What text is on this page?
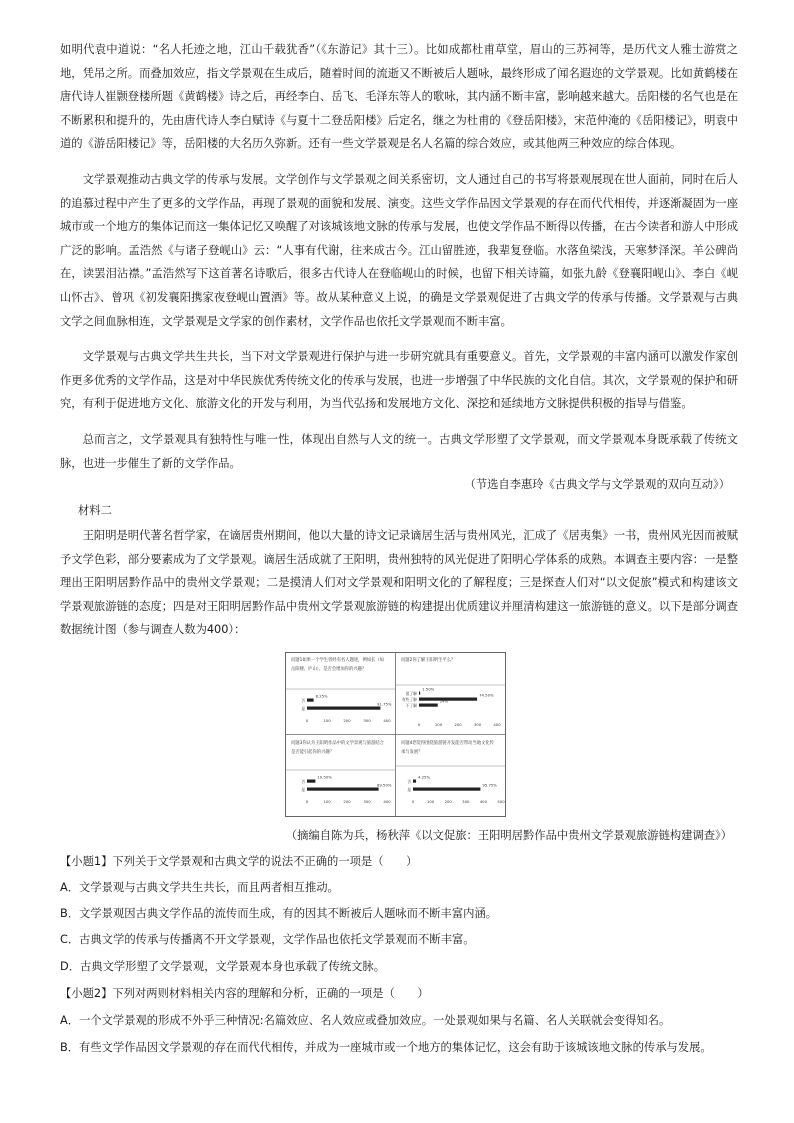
如明代袁中道说：“名人托迹之地，江山千载犹香”（《东游记》其十三）。比如成都杜甫草堂，眉山的三苏祠等，是历代文人雅士游赏之地，凭吊之所。而叠加效应，指文学景观在生成后，随着时间的流逝又不断被后人题咏，最终形成了闻名遐迩的文学景观。比如黄鹤楼在唐代诗人崔颢登楼所题《黄鹤楼》诗之后，再经李白、岳飞、毛泽东等人的歌咏，其内涵不断丰富，影响越来越大。岳阳楼的名气也是在不断累积和提升的，先由唐代诗人李白赋诗《与夏十二登岳阳楼》后定名，继之为杜甫的《登岳阳楼》，宋范仲淹的《岳阳楼记》，明袁中道的《游岳阳楼记》等，岳阳楼的大名历久弥新。还有一些文学景观是名人名篇的综合效应，或其他两三种效应的综合体现。

文学景观推动古典文学的传承与发展。文学创作与文学景观之间关系密切，文人通过自己的书写将景观展现在世人面前，同时在后人的追慕过程中产生了更多的文学作品，再现了景观的面貌和发展、演变。这些文学作品因文学景观的存在而代代相传，并逐渐凝固为一座城市或一个地方的集体记而这一集体记忆又唤醒了对该城该地文脉的传承与发展，也使文学作品不断得以传播，在古今读者和游人中形成广泛的影响。孟浩然《与诸子登岘山》云：“人事有代谢，往来成古今。江山留胜迹，我辈复登临。水落鱼梁浅，天寒梦泽深。羊公碑尚在，读罢泪沾襟。”孟浩然写下这首著名诗歌后，很多古代诗人在登临岘山的时候，也留下相关诗篇，如张九龄《登襄阳岘山》、李白《岘山怀古》、曾巩《初发襄阳携家夜登岘山置酒》等。故从某种意义上说，的确是文学景观促进了古典文学的传承与传播。文学景观与古典文学之间血脉相连，文学景观是文学家的创作素材，文学作品也依托文学景观而不断丰富。

文学景观与古典文学共生共长，当下对文学景观进行保护与进一步研究就具有重要意义。首先，文学景观的丰富内涵可以激发作家创作更多优秀的文学作品，这是对中华民族优秀传统文化的传承与发展，也进一步增强了中华民族的文化自信。其次，文学景观的保护和研究，有利于促进地方文化、旅游文化的开发与利用，为当代弘扬和发展地方文化、深挖和延续地方文脉提供积极的指导与借鉴。

总而言之，文学景观具有独特性与唯一性，体现出自然与人文的统一。古典文学形塑了文学景观，而文学景观本身既承载了传统文脉，也进一步催生了新的文学作品。

（节选自李惠玲《古典文学与文学景观的双向互动》）
材料二

王阳明是明代著名哲学家，在谪居贵州期间，他以大量的诗文记录谪居生活与贵州风光，汇成了《居夷集》一书，贵州风光因而被赋予文学色彩，部分要素成为了文学景观。谪居生活成就了王阳明，贵州独特的风光促进了阳明心学体系的成熟。本调查主要内容：一是整理出王阳明居黔作品中的贵州文学景观；二是摸清人们对文学景观和阳明文化的了解程度；三是探查人们对“以文促旅”模式和构建该文学景观旅游链的态度；四是对王阳明居黔作品中贵州文学景观旅游链的构建提出优质建议并厘清构建这一旅游链的意义。以下是部分调查数据统计图（参与调查人数为400）：

问题1如果一个学生曾经有名人题迹，例如长（如
岳阳楼，庐山），是否会增加你的兴趣？
否
8.25%
是
91.75%
0	100	200	300	400
问题2你了解王阳明生平么？
很了解
1.50%
有些了解
74.50%
不了解
24%
0	100	200	300	400
问题3你认为王阳明作品中的文学景观与旅游结合
是否能引起你的兴趣？
否
10.50%
是
89.50%
0	100	200	300	400
问题4您觉得围绕旅游链开发能否带动当地文化传
承与发展？
否
4.25%
是
95.75%
0	100	200	300	400	500
（摘编自陈为兵，杨秋萍《以文促旅：王阳明居黔作品中贵州文学景观旅游链构建调查》）
【小题1】下列关于文学景观和古典文学的说法不正确的一项是（　　）
A．文学景观与古典文学共生共长，而且两者相互推动。
B．文学景观因古典文学作品的流传而生成，有的因其不断被后人题咏而不断丰富内涵。
C．古典文学的传承与传播离不开文学景观，文学作品也依托文学景观而不断丰富。
D．古典文学形塑了文学景观，文学景观本身也承载了传统文脉。
【小题2】下列对两则材料相关内容的理解和分析，正确的一项是（　　）
A．一个文学景观的形成不外乎三种情况:名篇效应、名人效应或叠加效应。一处景观如果与名篇、名人关联就会变得知名。
B．有些文学作品因文学景观的存在而代代相传，并成为一座城市或一个地方的集体记忆，这会有助于该城该地文脉的传承与发展。
